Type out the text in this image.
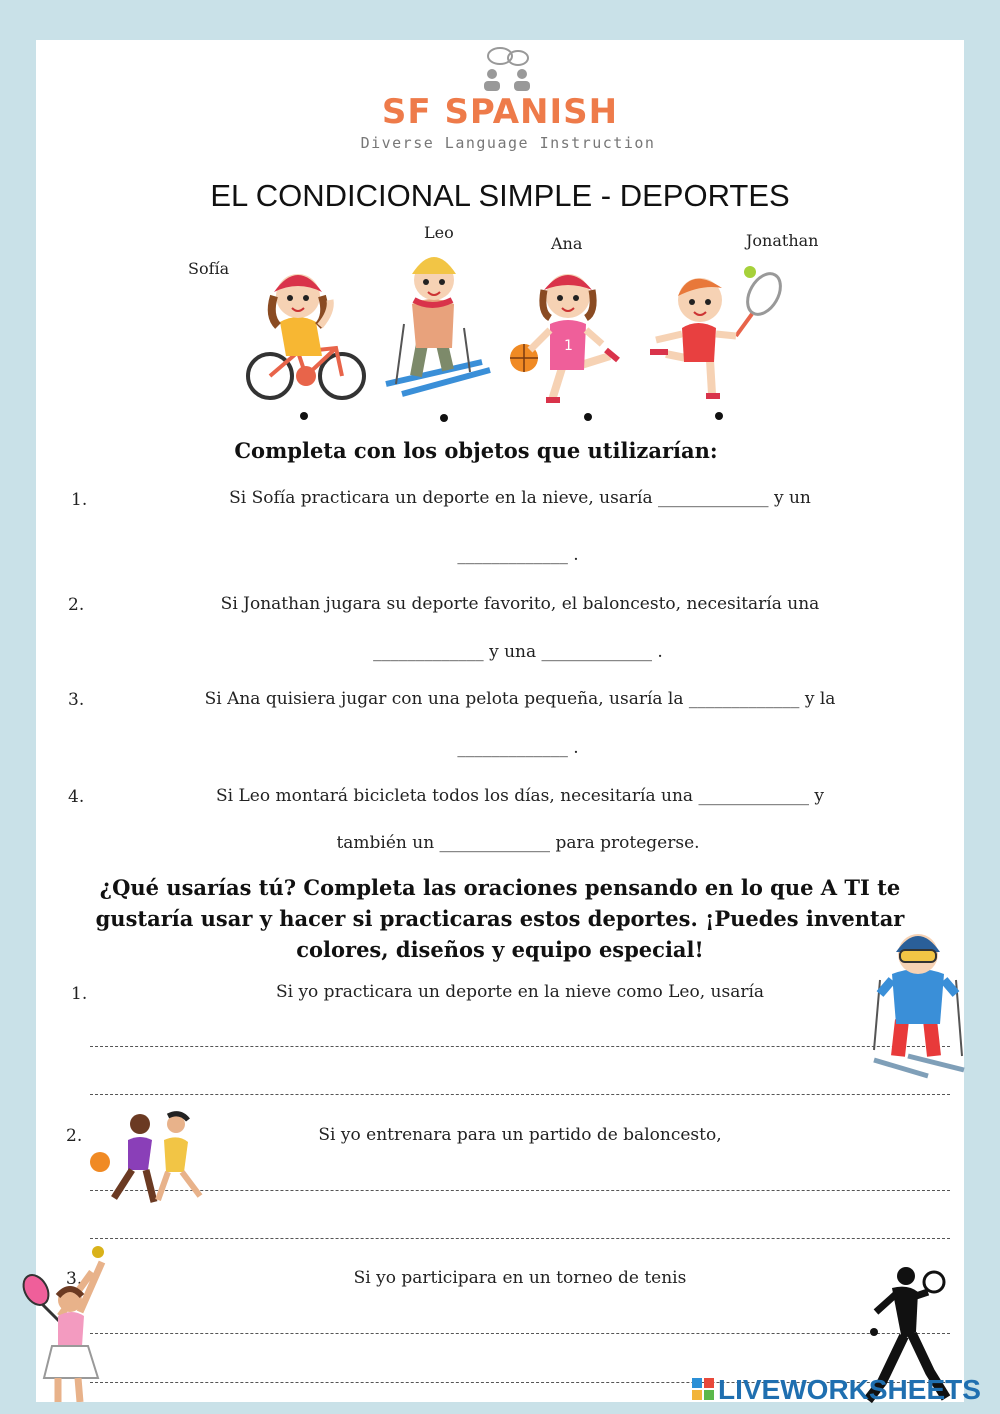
SF SPANISH
Diverse Language Instruction
EL CONDICIONAL SIMPLE - DEPORTES
Sofía
Leo
Ana	Jonathan
1
Completa con los objetos que utilizarían:
1.	Si Sofía practicara un deporte en la nieve, usaría _____________ y un
_____________ .
2.	Si Jonathan jugara su deporte favorito, el baloncesto, necesitaría una
_____________ y una _____________ .
3.	Si Ana quisiera jugar con una pelota pequeña, usaría la _____________ y la
_____________ .
4.	Si Leo montará bicicleta todos los días, necesitaría una _____________ y
también un _____________ para protegerse.
¿Qué usarías tú? Completa las oraciones pensando en lo que A TI te gustaría usar y hacer si practicaras estos deportes. ¡Puedes inventar colores, diseños y equipo especial!
1.	Si yo practicara un deporte en la nieve como Leo, usaría
2.	Si yo entrenara para un partido de baloncesto,
3.	Si yo participara en un torneo de tenis
LIVEWORKSHEETS
